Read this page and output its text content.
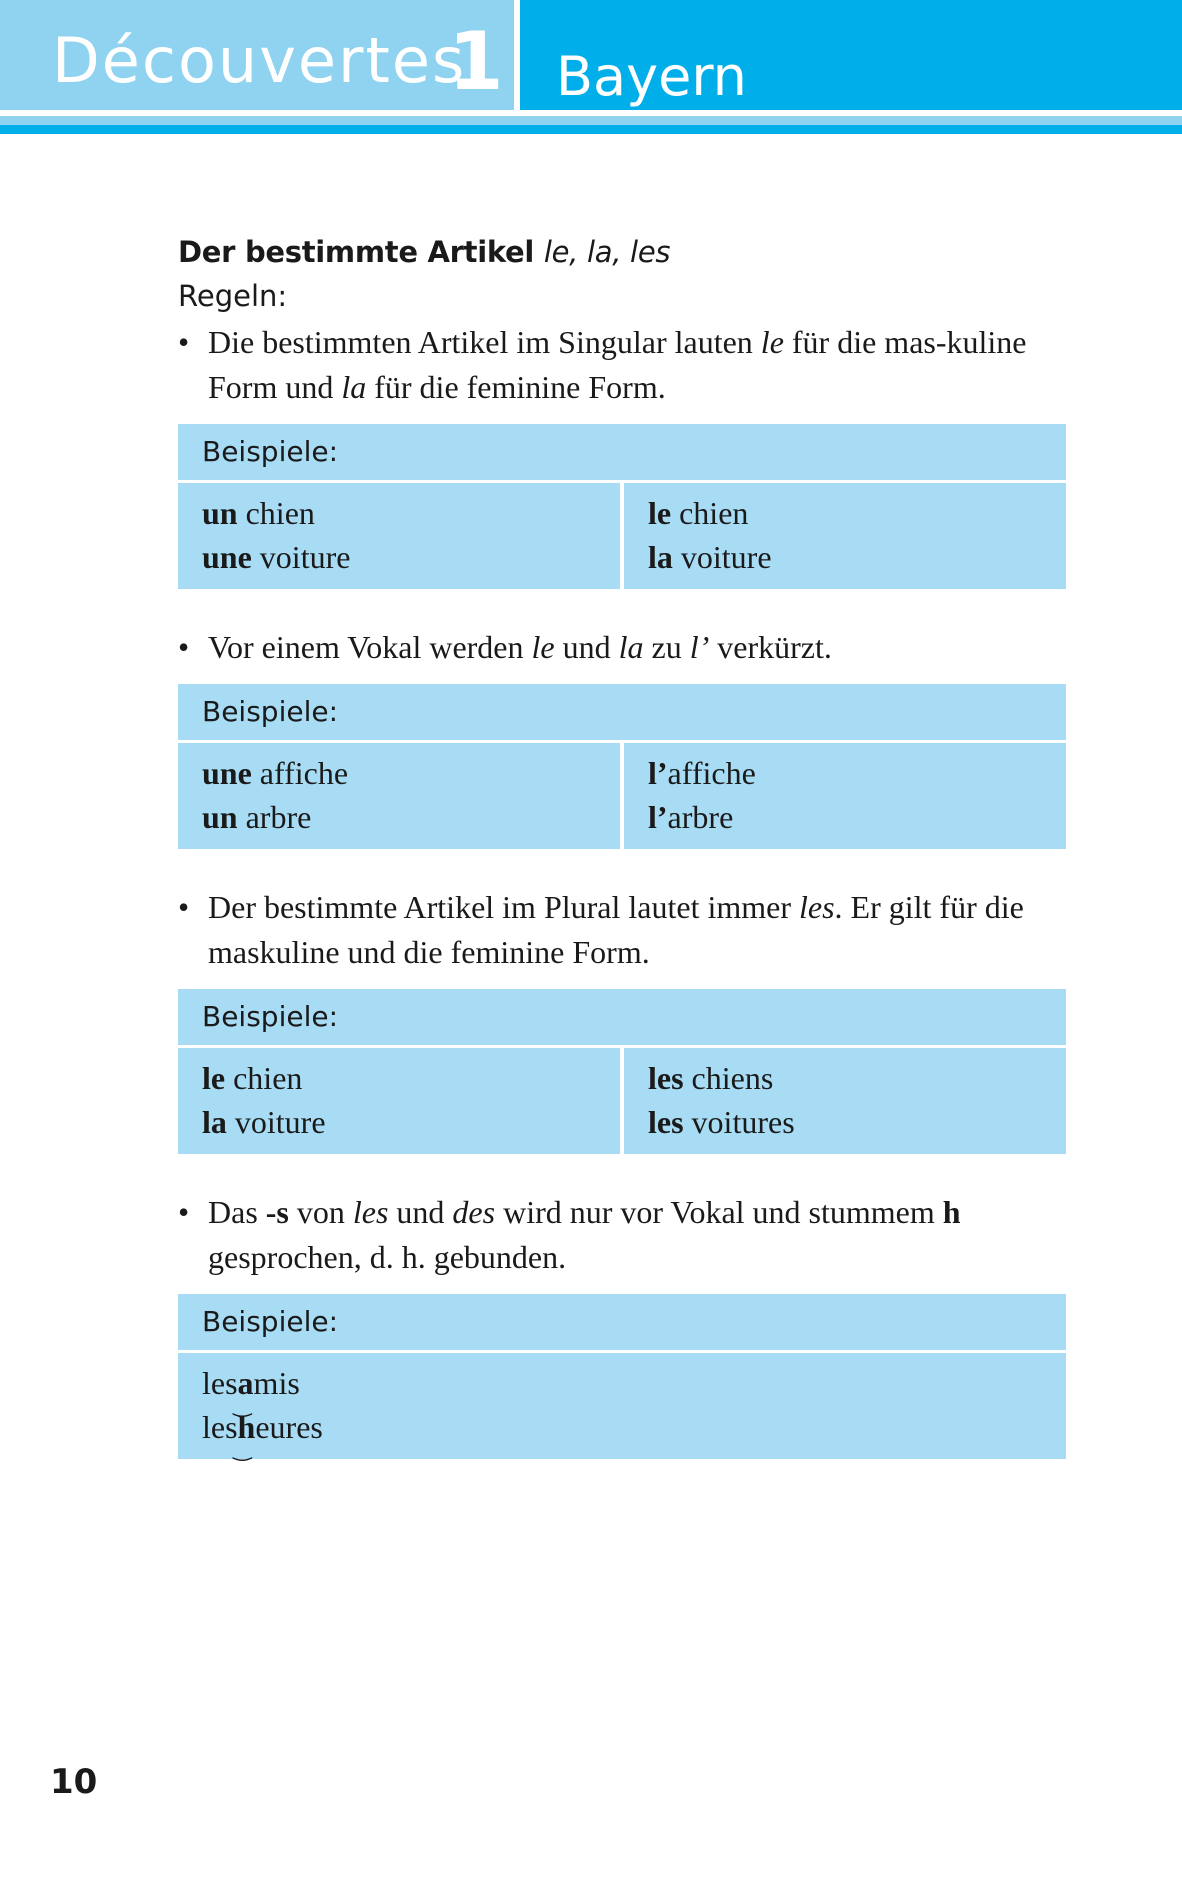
Découvertes
1 Bayern
Der bestimmte Artikel le, la, les
Regeln:
• Die bestimmten Artikel im Singular lauten le für die mas-kuline Form und la für die feminine Form.
Beispiele:
un chien
une voiture
le chien
la voiture
• Vor einem Vokal werden le und la zu l’ verkürzt.
Beispiele:
une affiche
un arbre
l’affiche
l’arbre
• Der bestimmte Artikel im Plural lautet immer les. Er gilt für die maskuline und die feminine Form.
Beispiele:
le chien
la voiture
les chiens
les voitures
• Das -s von les und des wird nur vor Vokal und stummem h gesprochen, d. h. gebunden.
Beispiele:
les
‿
amis
les
‿
heures
10
